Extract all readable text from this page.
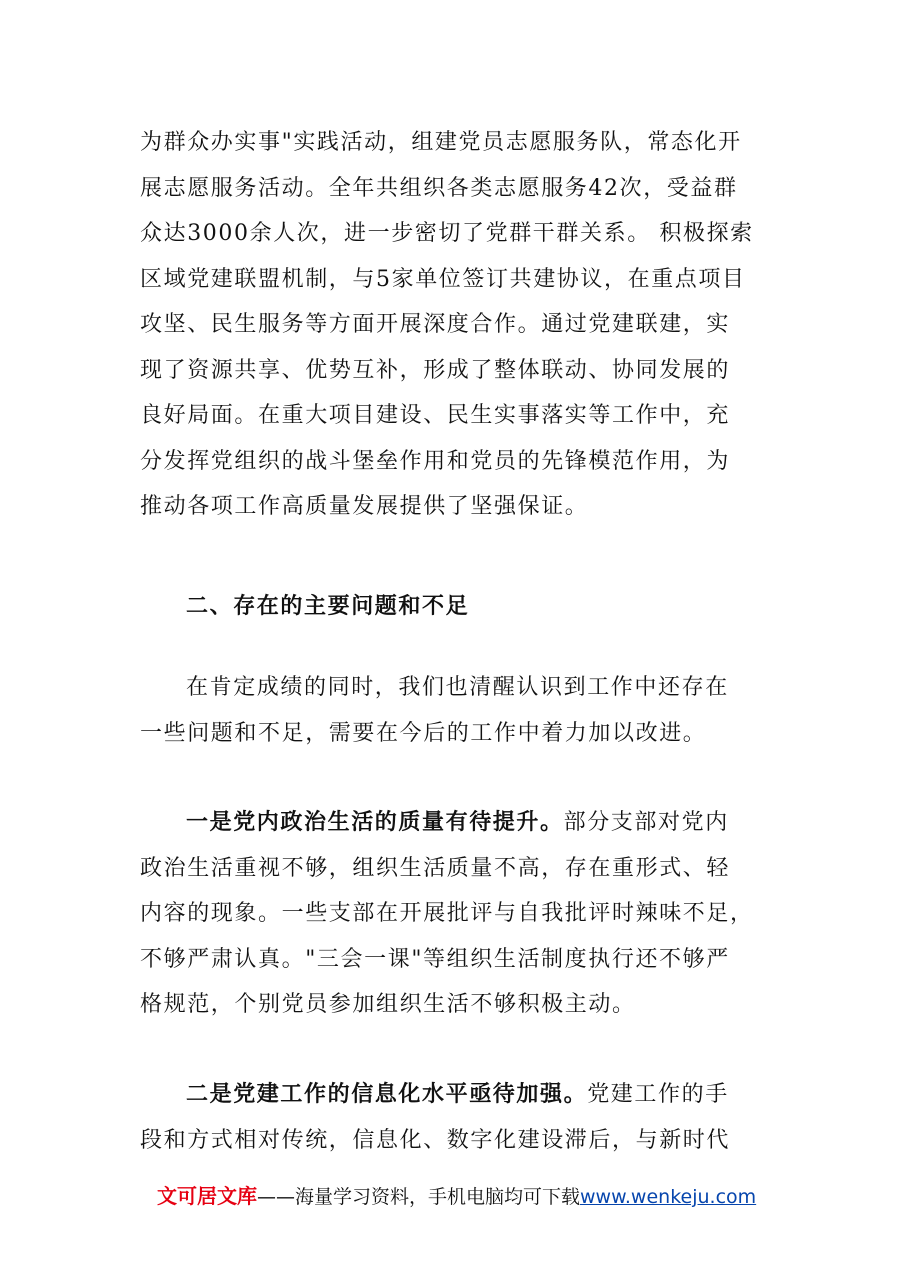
为群众办实事"实践活动，组建党员志愿服务队，常态化开
展志愿服务活动。全年共组织各类志愿服务42次，受益群
众达3000余人次，进一步密切了党群干群关系。 积极探索
区域党建联盟机制，与5家单位签订共建协议，在重点项目
攻坚、民生服务等方面开展深度合作。通过党建联建，实
现了资源共享、优势互补，形成了整体联动、协同发展的
良好局面。在重大项目建设、民生实事落实等工作中，充
分发挥党组织的战斗堡垒作用和党员的先锋模范作用，为
推动各项工作高质量发展提供了坚强保证。
二、存在的主要问题和不足
在肯定成绩的同时，我们也清醒认识到工作中还存在
一些问题和不足，需要在今后的工作中着力加以改进。
一是党内政治生活的质量有待提升。部分支部对党内
政治生活重视不够，组织生活质量不高，存在重形式、轻
内容的现象。一些支部在开展批评与自我批评时辣味不足，
不够严肃认真。"三会一课"等组织生活制度执行还不够严
格规范，个别党员参加组织生活不够积极主动。
二是党建工作的信息化水平亟待加强。党建工作的手
段和方式相对传统，信息化、数字化建设滞后，与新时代
文可居文库——海量学习资料，手机电脑均可下载www.wenkeju.com
